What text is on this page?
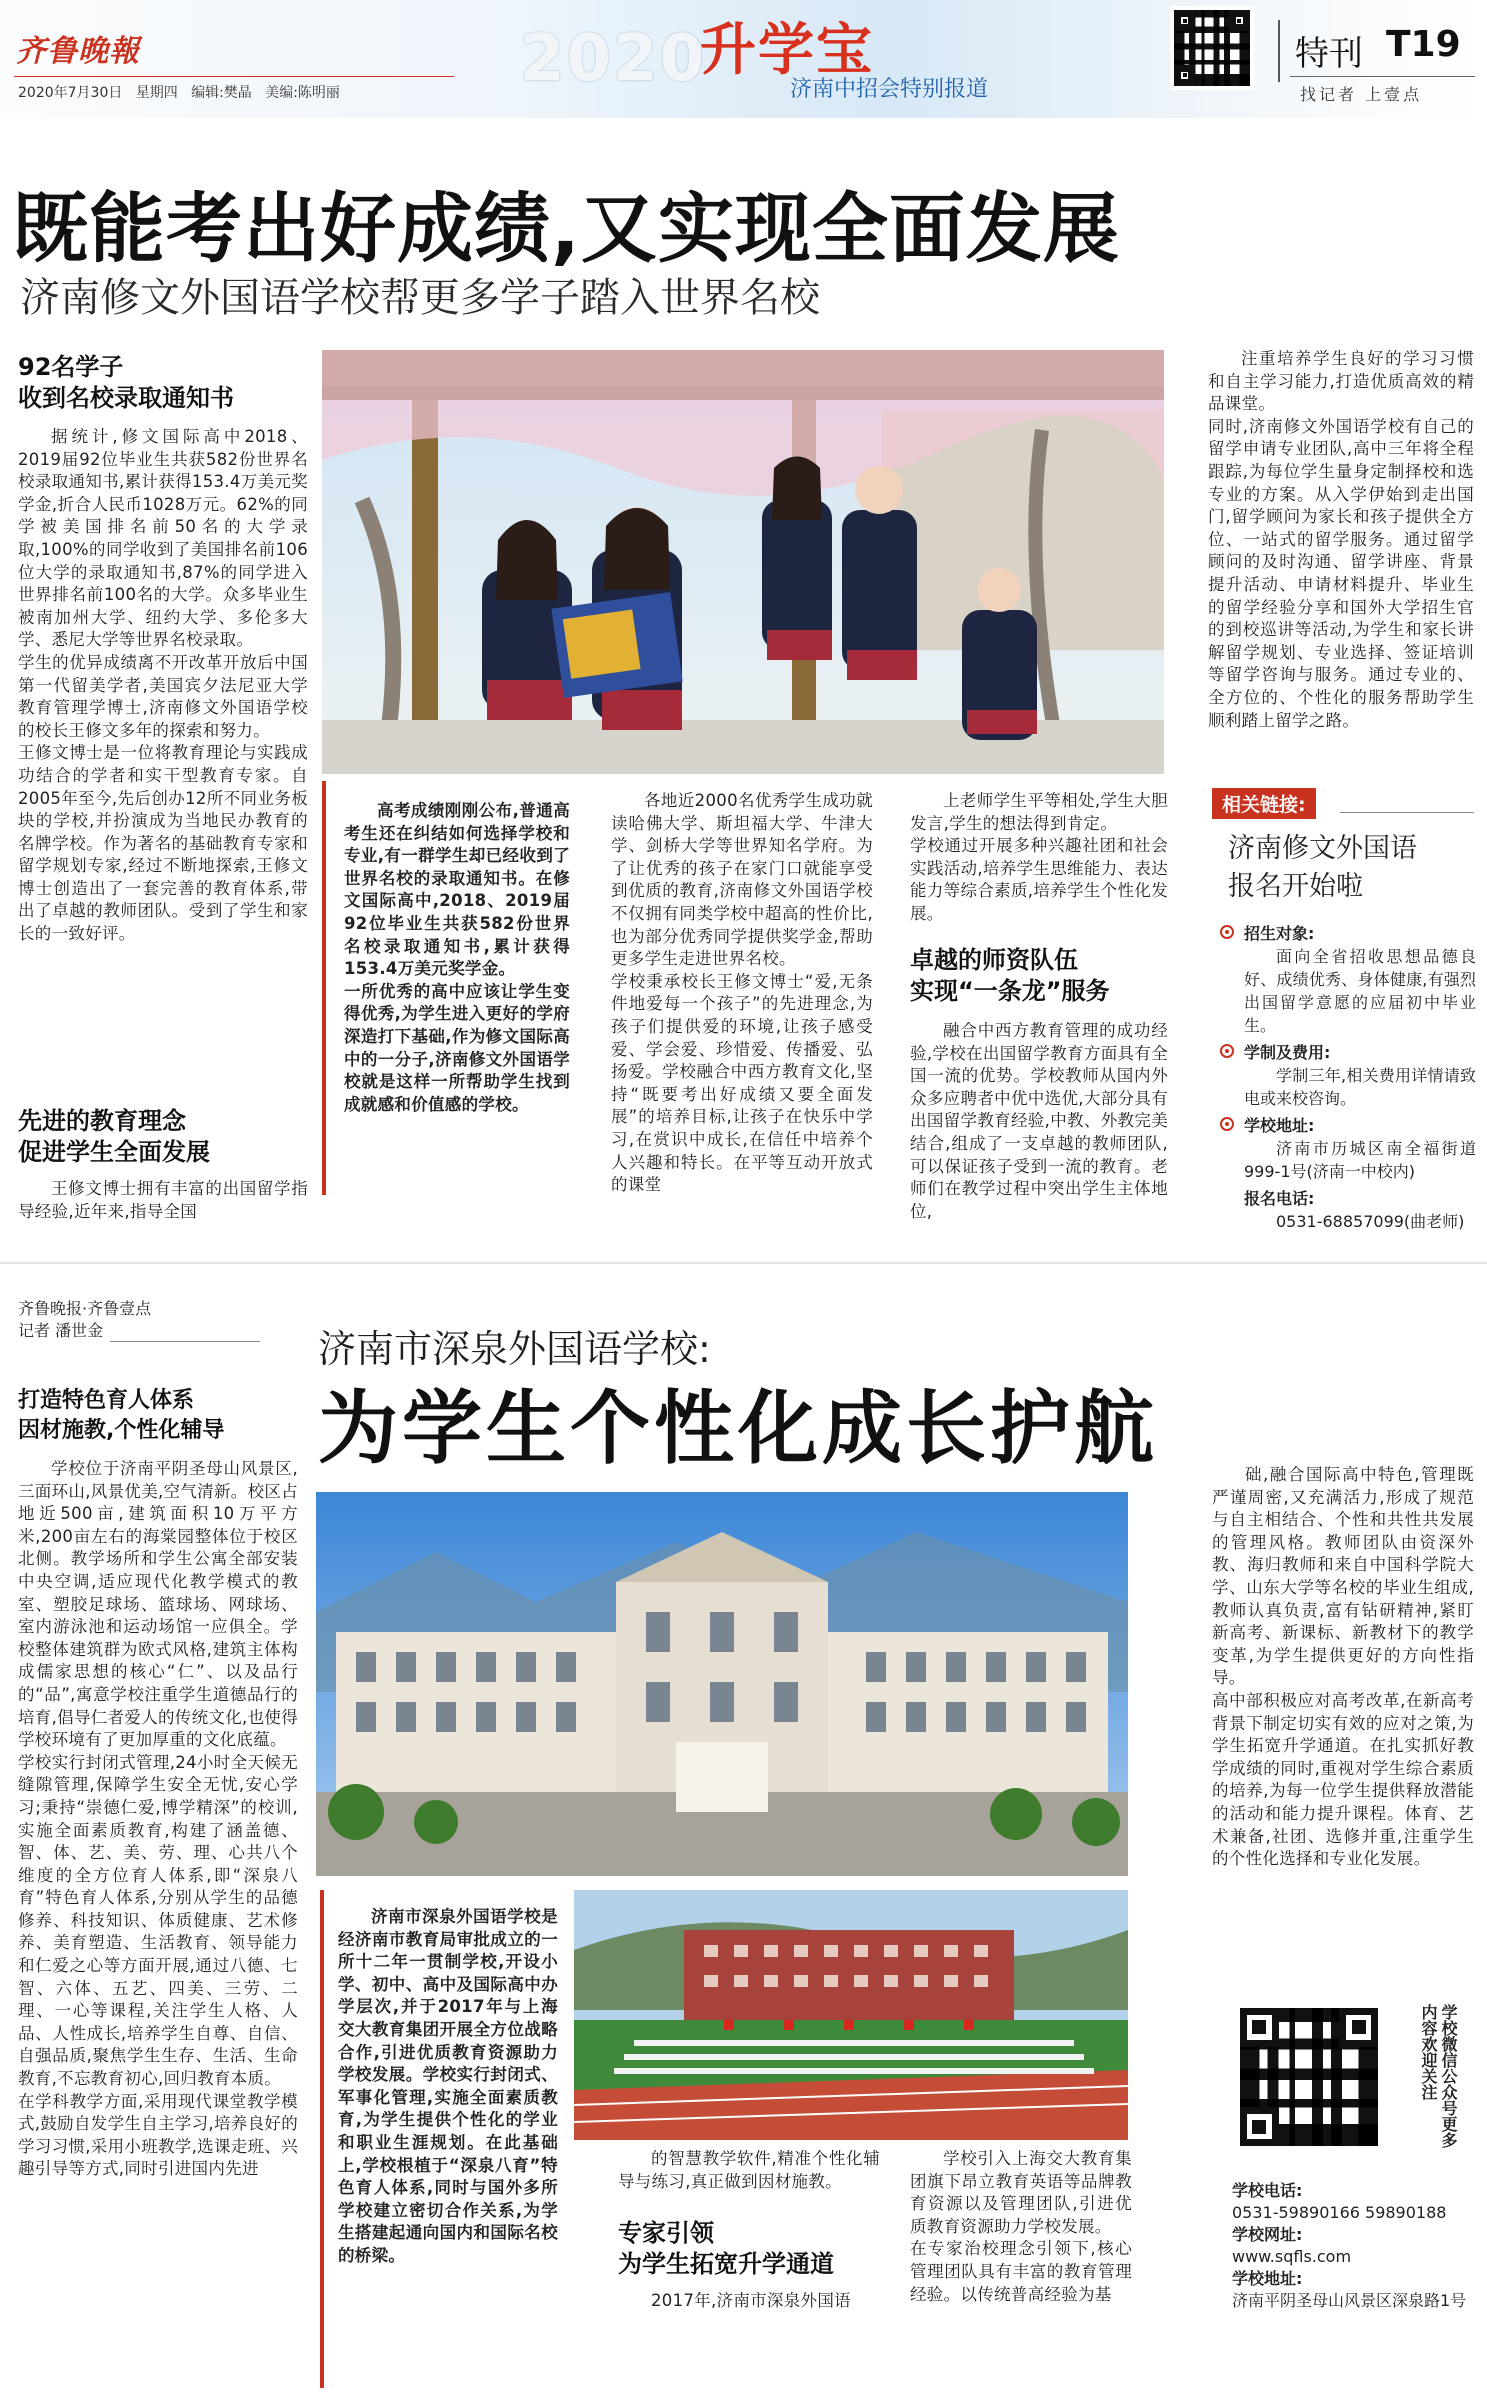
齐鲁晚報
2020年7月30日 星期四 编辑:樊晶 美编:陈明丽	2020
升学宝
济南中招会特别报道
特刊 T19
找记者 上壹点
既能考出好成绩,又实现全面发展
济南修文外国语学校帮更多学子踏入世界名校
92名学子
收到名校录取通知书
据统计,修文国际高中2018、2019届92位毕业生共获582份世界名校录取通知书,累计获得153.4万美元奖学金,折合人民币1028万元。62%的同学被美国排名前50名的大学录取,100%的同学收到了美国排名前106位大学的录取通知书,87%的同学进入世界排名前100名的大学。众多毕业生被南加州大学、纽约大学、多伦多大学、悉尼大学等世界名校录取。
学生的优异成绩离不开改革开放后中国第一代留美学者,美国宾夕法尼亚大学教育管理学博士,济南修文外国语学校的校长王修文多年的探索和努力。
王修文博士是一位将教育理论与实践成功结合的学者和实干型教育专家。自2005年至今,先后创办12所不同业务板块的学校,并扮演成为当地民办教育的名牌学校。作为著名的基础教育专家和留学规划专家,经过不断地探索,王修文博士创造出了一套完善的教育体系,带出了卓越的教师团队。受到了学生和家长的一致好评。
先进的教育理念
促进学生全面发展
王修文博士拥有丰富的出国留学指导经验,近年来,指导全国
高考成绩刚刚公布,普通高考生还在纠结如何选择学校和专业,有一群学生却已经收到了世界名校的录取通知书。在修文国际高中,2018、2019届92位毕业生共获582份世界名校录取通知书,累计获得153.4万美元奖学金。
一所优秀的高中应该让学生变得优秀,为学生进入更好的学府深造打下基础,作为修文国际高中的一分子,济南修文外国语学校就是这样一所帮助学生找到成就感和价值感的学校。
各地近2000名优秀学生成功就读哈佛大学、斯坦福大学、牛津大学、剑桥大学等世界知名学府。为了让优秀的孩子在家门口就能享受到优质的教育,济南修文外国语学校不仅拥有同类学校中超高的性价比,也为部分优秀同学提供奖学金,帮助更多学生走进世界名校。
学校秉承校长王修文博士“爱,无条件地爱每一个孩子”的先进理念,为孩子们提供爱的环境,让孩子感受爱、学会爱、珍惜爱、传播爱、弘扬爱。学校融合中西方教育文化,坚持“既要考出好成绩又要全面发展”的培养目标,让孩子在快乐中学习,在赏识中成长,在信任中培养个人兴趣和特长。在平等互动开放式的课堂
上老师学生平等相处,学生大胆发言,学生的想法得到肯定。
学校通过开展多种兴趣社团和社会实践活动,培养学生思维能力、表达能力等综合素质,培养学生个性化发展。
卓越的师资队伍
实现“一条龙”服务
融合中西方教育管理的成功经验,学校在出国留学教育方面具有全国一流的优势。学校教师从国内外众多应聘者中优中选优,大部分具有出国留学教育经验,中教、外教完美结合,组成了一支卓越的教师团队,可以保证孩子受到一流的教育。老师们在教学过程中突出学生主体地位,
注重培养学生良好的学习习惯和自主学习能力,打造优质高效的精品课堂。
同时,济南修文外国语学校有自己的留学申请专业团队,高中三年将全程跟踪,为每位学生量身定制择校和选专业的方案。从入学伊始到走出国门,留学顾问为家长和孩子提供全方位、一站式的留学服务。通过留学顾问的及时沟通、留学讲座、背景提升活动、申请材料提升、毕业生的留学经验分享和国外大学招生官的到校巡讲等活动,为学生和家长讲解留学规划、专业选择、签证培训等留学咨询与服务。通过专业的、全方位的、个性化的服务帮助学生顺利踏上留学之路。
相关链接:
济南修文外国语
报名开始啦
招生对象:
面向全省招收思想品德良好、成绩优秀、身体健康,有强烈出国留学意愿的应届初中毕业生。
学制及费用:
学制三年,相关费用详情请致电或来校咨询。
学校地址:
济南市历城区南全福街道999-1号(济南一中校内)
报名电话:
0531-68857099(曲老师)
齐鲁晚报·齐鲁壹点
记者 潘世金	济南市深泉外国语学校:
为学生个性化成长护航
打造特色育人体系
因材施教,个性化辅导
学校位于济南平阴圣母山风景区,三面环山,风景优美,空气清新。校区占地近500亩,建筑面积10万平方米,200亩左右的海棠园整体位于校区北侧。教学场所和学生公寓全部安装中央空调,适应现代化教学模式的教室、塑胶足球场、篮球场、网球场、室内游泳池和运动场馆一应俱全。学校整体建筑群为欧式风格,建筑主体构成儒家思想的核心“仁”、以及品行的“品”,寓意学校注重学生道德品行的培育,倡导仁者爱人的传统文化,也使得学校环境有了更加厚重的文化底蕴。
学校实行封闭式管理,24小时全天候无缝隙管理,保障学生安全无忧,安心学习;秉持“崇德仁爱,博学精深”的校训,实施全面素质教育,构建了涵盖德、智、体、艺、美、劳、理、心共八个维度的全方位育人体系,即“深泉八育”特色育人体系,分别从学生的品德修养、科技知识、体质健康、艺术修养、美育塑造、生活教育、领导能力和仁爱之心等方面开展,通过八德、七智、六体、五艺、四美、三劳、二理、一心等课程,关注学生人格、人品、人性成长,培养学生自尊、自信、自强品质,聚焦学生生存、生活、生命教育,不忘教育初心,回归教育本质。
在学科教学方面,采用现代课堂教学模式,鼓励自发学生自主学习,培养良好的学习习惯,采用小班教学,选课走班、兴趣引导等方式,同时引进国内先进
济南市深泉外国语学校是经济南市教育局审批成立的一所十二年一贯制学校,开设小学、初中、高中及国际高中办学层次,并于2017年与上海交大教育集团开展全方位战略合作,引进优质教育资源助力学校发展。学校实行封闭式、军事化管理,实施全面素质教育,为学生提供个性化的学业和职业生涯规划。在此基础上,学校根植于“深泉八育”特色育人体系,同时与国外多所学校建立密切合作关系,为学生搭建起通向国内和国际名校的桥梁。
的智慧教学软件,精准个性化辅导与练习,真正做到因材施教。
专家引领
为学生拓宽升学通道
2017年,济南市深泉外国语
学校引入上海交大教育集团旗下昂立教育英语等品牌教育资源以及管理团队,引进优质教育资源助力学校发展。
在专家治校理念引领下,核心管理团队具有丰富的教育管理经验。以传统普高经验为基
础,融合国际高中特色,管理既严谨周密,又充满活力,形成了规范与自主相结合、个性和共性共发展的管理风格。教师团队由资深外教、海归教师和来自中国科学院大学、山东大学等名校的毕业生组成,教师认真负责,富有钻研精神,紧盯新高考、新课标、新教材下的教学变革,为学生提供更好的方向性指导。
高中部积极应对高考改革,在新高考背景下制定切实有效的应对之策,为学生拓宽升学通道。在扎实抓好教学成绩的同时,重视对学生综合素质的培养,为每一位学生提供释放潜能的活动和能力提升课程。体育、艺术兼备,社团、选修并重,注重学生的个性化选择和专业化发展。
学校微信公众号更多内容欢迎关注
学校电话:
0531-59890166 59890188
学校网址:
www.sqfls.com
学校地址:
济南平阴圣母山风景区深泉路1号
